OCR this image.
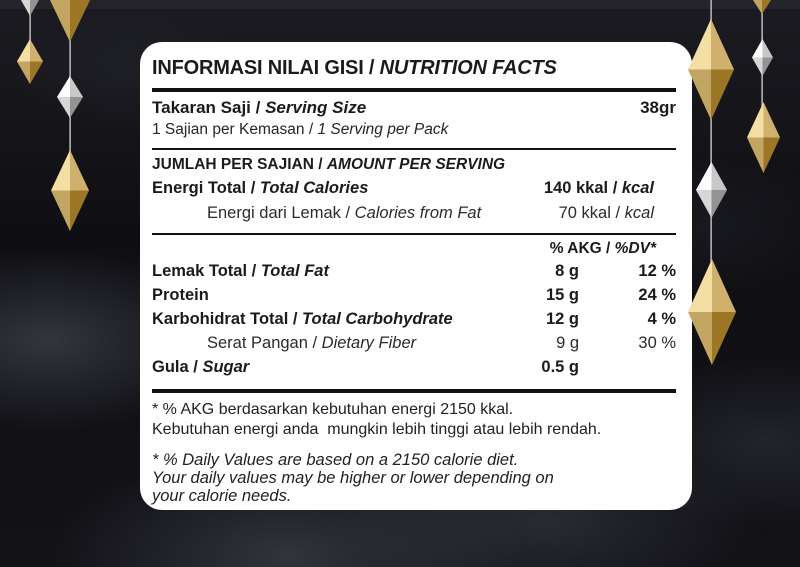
INFORMASI NILAI GISI / NUTRITION FACTS
Takaran Saji / Serving Size	38gr
1 Sajian per Kemasan / 1 Serving per Pack
JUMLAH PER SAJIAN / AMOUNT PER SERVING
Energi Total / Total Calories	140 kkal / kcal
Energi dari Lemak / Calories from Fat	70 kkal / kcal
% AKG / %DV*
Lemak Total / Total Fat	8 g	12 %
Protein	15 g	24 %
Karbohidrat Total / Total Carbohydrate	12 g	4 %
Serat Pangan / Dietary Fiber	9 g	30 %
Gula / Sugar	0.5 g
* % AKG berdasarkan kebutuhan energi 2150 kkal.
Kebutuhan energi anda  mungkin lebih tinggi atau lebih rendah.
* % Daily Values are based on a 2150 calorie diet.
Your daily values may be higher or lower depending on
your calorie needs.
